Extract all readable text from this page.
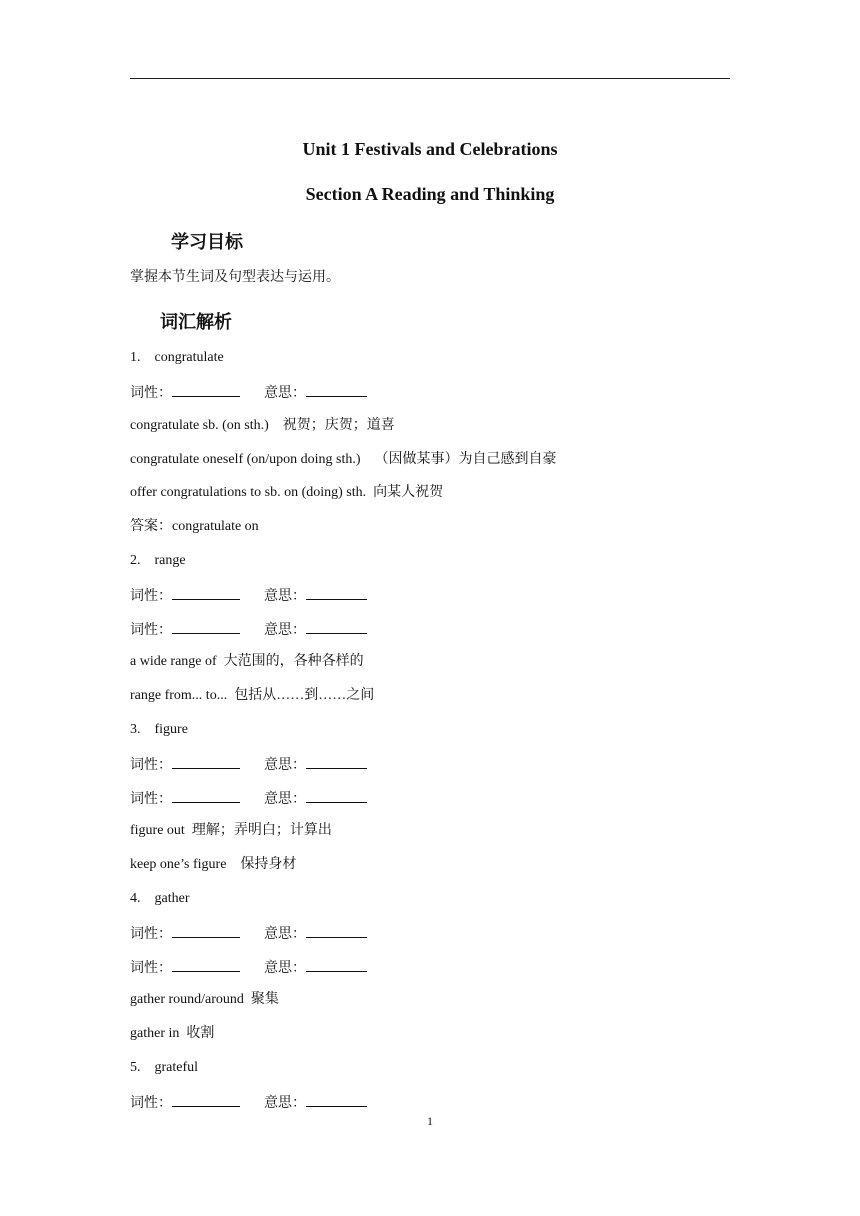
Unit 1 Festivals and Celebrations
Section A Reading and Thinking
学习目标
掌握本节生词及句型表达与运用。
词汇解析
1.　congratulate
词性：	意思：
congratulate sb. (on sth.)    祝贺；庆贺；道喜
congratulate oneself (on/upon doing sth.)    （因做某事）为自己感到自豪
offer congratulations to sb. on (doing) sth.  向某人祝贺
答案：congratulate on
2.　range
词性：	意思：
词性：	意思：
a wide range of  大范围的，各种各样的
range from... to...  包括从……到……之间
3.　figure
词性：	意思：
词性：	意思：
figure out  理解；弄明白；计算出
keep one’s figure    保持身材
4.　gather
词性：	意思：
词性：	意思：
gather round/around  聚集
gather in  收割
5.　grateful
词性：	意思：
1
